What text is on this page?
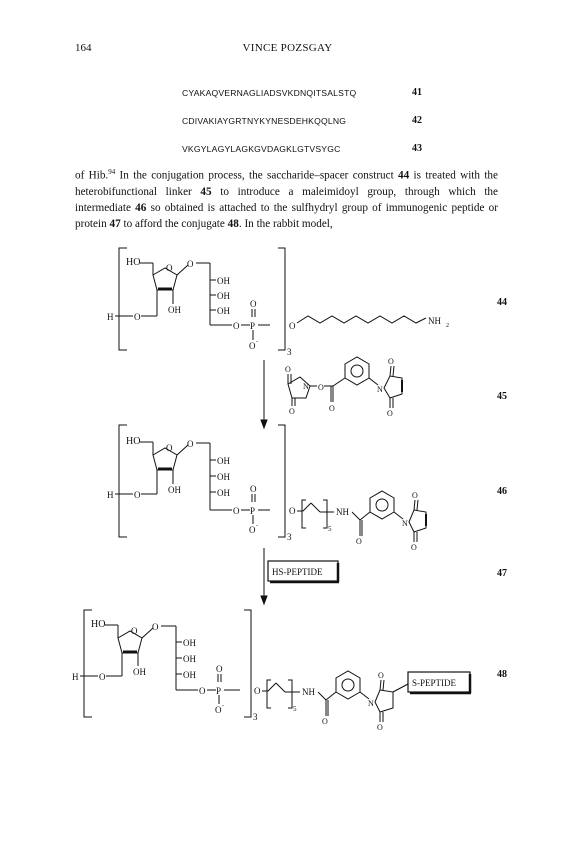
164	VINCE POZSGAY
CYAKAQVERNAGLIADSVKDNQITSALSTQ	41
CDIVAKIAYGRTNYKYNESDEHKQQLNG	42
VKGYLAGYLAGKGVDAGKLGTVSYGC	43
of Hib.$^{94}$ In the conjugation process, the saccharide–spacer construct 44 is treated with the heterobifunctional linker 45 to introduce a maleimidoyl group, through which the intermediate 46 so obtained is attached to the sulfhydryl group of immunogenic peptide or protein 47 to afford the conjugate 48. In the rabbit model,
HO	O
OH
O
OH
OH
OH
H O
O P
O
O -
3
O	NH 2
44
O
O
N O
O
N
O
O
45
HO
O
OH
O
OH
OH
OH
H O
O P
O
O -
3
O
5
NH
O
N
O
O
46
HS-PEPTIDE	47
HO
O
OH
O
OH
OH
OH
H O
O P
O
O -
3
O
5
NH
O
N
O
O
S-PEPTIDE
48
